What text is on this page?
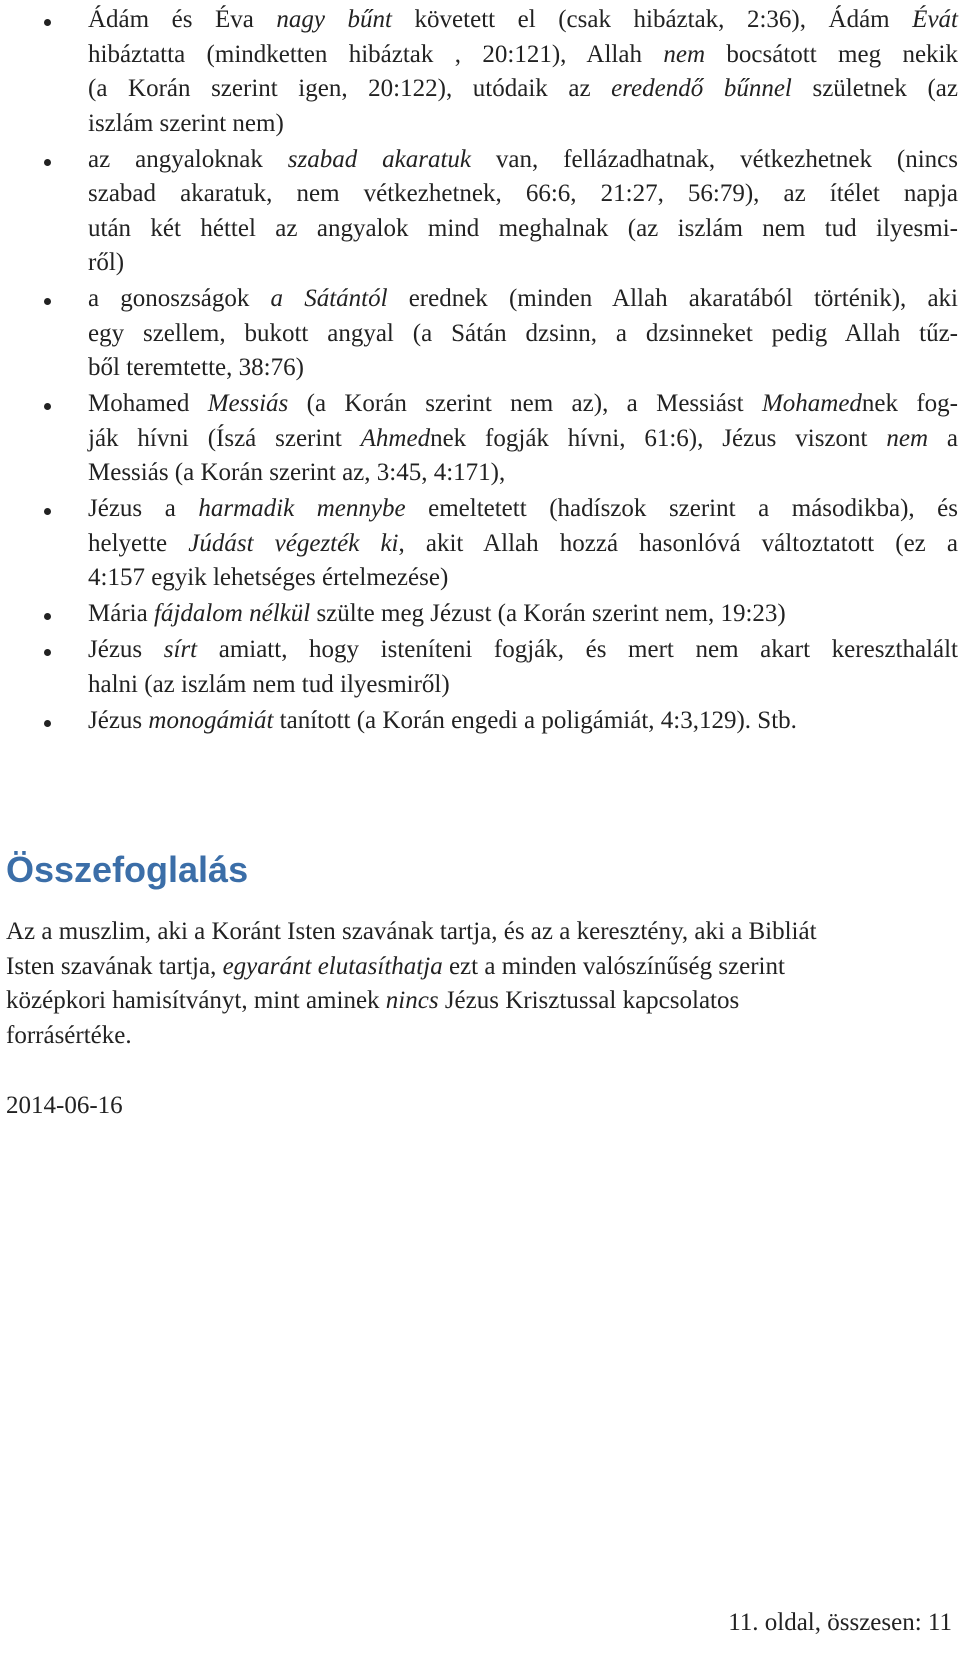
Ádám és Éva nagy bűnt követett el (csak hibáztak, 2:36), Ádám Évát
hibáztatta (mindketten hibáztak , 20:121), Allah nem bocsátott meg nekik
(a Korán szerint igen, 20:122), utódaik az eredendő bűnnel születnek (az
iszlám szerint nem)
az angyaloknak szabad akaratuk van, fellázadhatnak, vétkezhetnek (nincs
szabad akaratuk, nem vétkezhetnek, 66:6, 21:27, 56:79), az ítélet napja
után két héttel az angyalok mind meghalnak (az iszlám nem tud ilyesmi-
ről)
a gonoszságok a Sátántól erednek (minden Allah akaratából történik), aki
egy szellem, bukott angyal (a Sátán dzsinn, a dzsinneket pedig Allah tűz-
ből teremtette, 38:76)
Mohamed Messiás (a Korán szerint nem az), a Messiást Mohamednek fog-
ják hívni (Íszá szerint Ahmednek fogják hívni, 61:6), Jézus viszont nem a
Messiás (a Korán szerint az, 3:45, 4:171),
Jézus a harmadik mennybe emeltetett (hadíszok szerint a másodikba), és
helyette Júdást végezték ki, akit Allah hozzá hasonlóvá változtatott (ez a
4:157 egyik lehetséges értelmezése)
Mária fájdalom nélkül szülte meg Jézust (a Korán szerint nem, 19:23)
Jézus sírt amiatt, hogy isteníteni fogják, és mert nem akart kereszthalált
halni (az iszlám nem tud ilyesmiről)
Jézus monogámiát tanított (a Korán engedi a poligámiát, 4:3,129). Stb.
Összefoglalás
Az a muszlim, aki a Koránt Isten szavának tartja, és az a keresztény, aki a Bibliát
Isten szavának tartja, egyaránt elutasíthatja ezt a minden valószínűség szerint
középkori hamisítványt, mint aminek nincs Jézus Krisztussal kapcsolatos
forrásértéke.
2014-06-16
11. oldal, összesen: 11
